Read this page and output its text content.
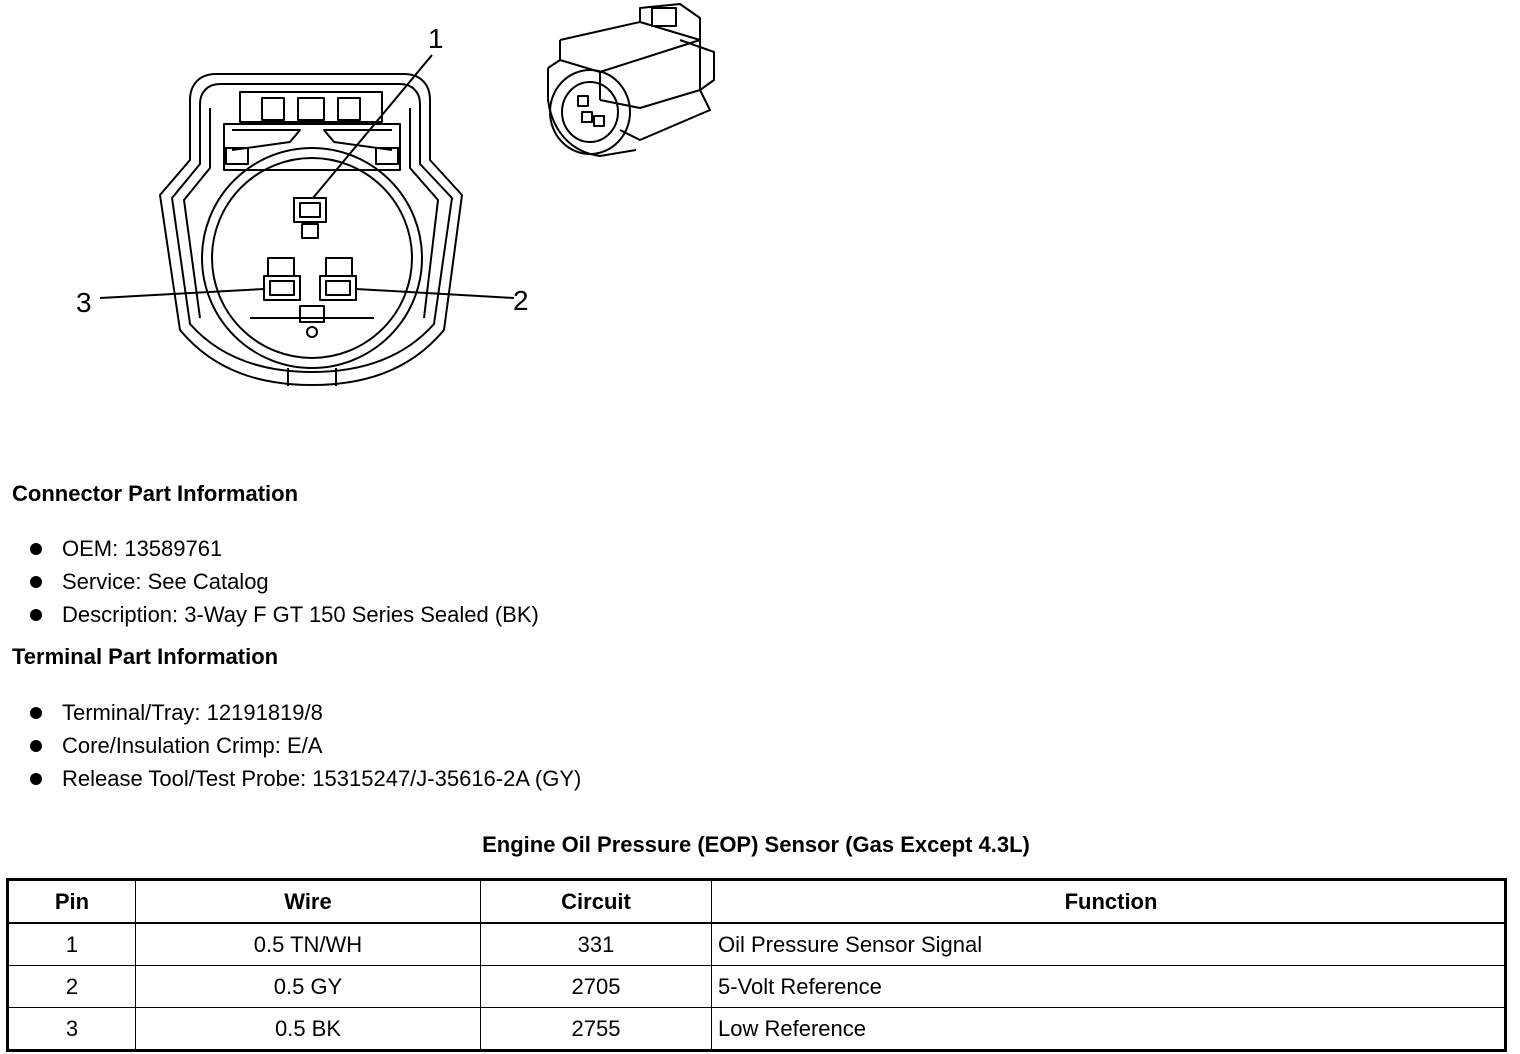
1
2
3
Connector Part Information
OEM: 13589761
Service: See Catalog
Description: 3-Way F GT 150 Series Sealed (BK)
Terminal Part Information
Terminal/Tray: 12191819/8
Core/Insulation Crimp: E/A
Release Tool/Test Probe: 15315247/J-35616-2A (GY)
Engine Oil Pressure (EOP) Sensor (Gas Except 4.3L)
Pin	Wire	Circuit	Function
1	0.5 TN/WH	331	Oil Pressure Sensor Signal
2	0.5 GY	2705	5-Volt Reference
3	0.5 BK	2755	Low Reference
